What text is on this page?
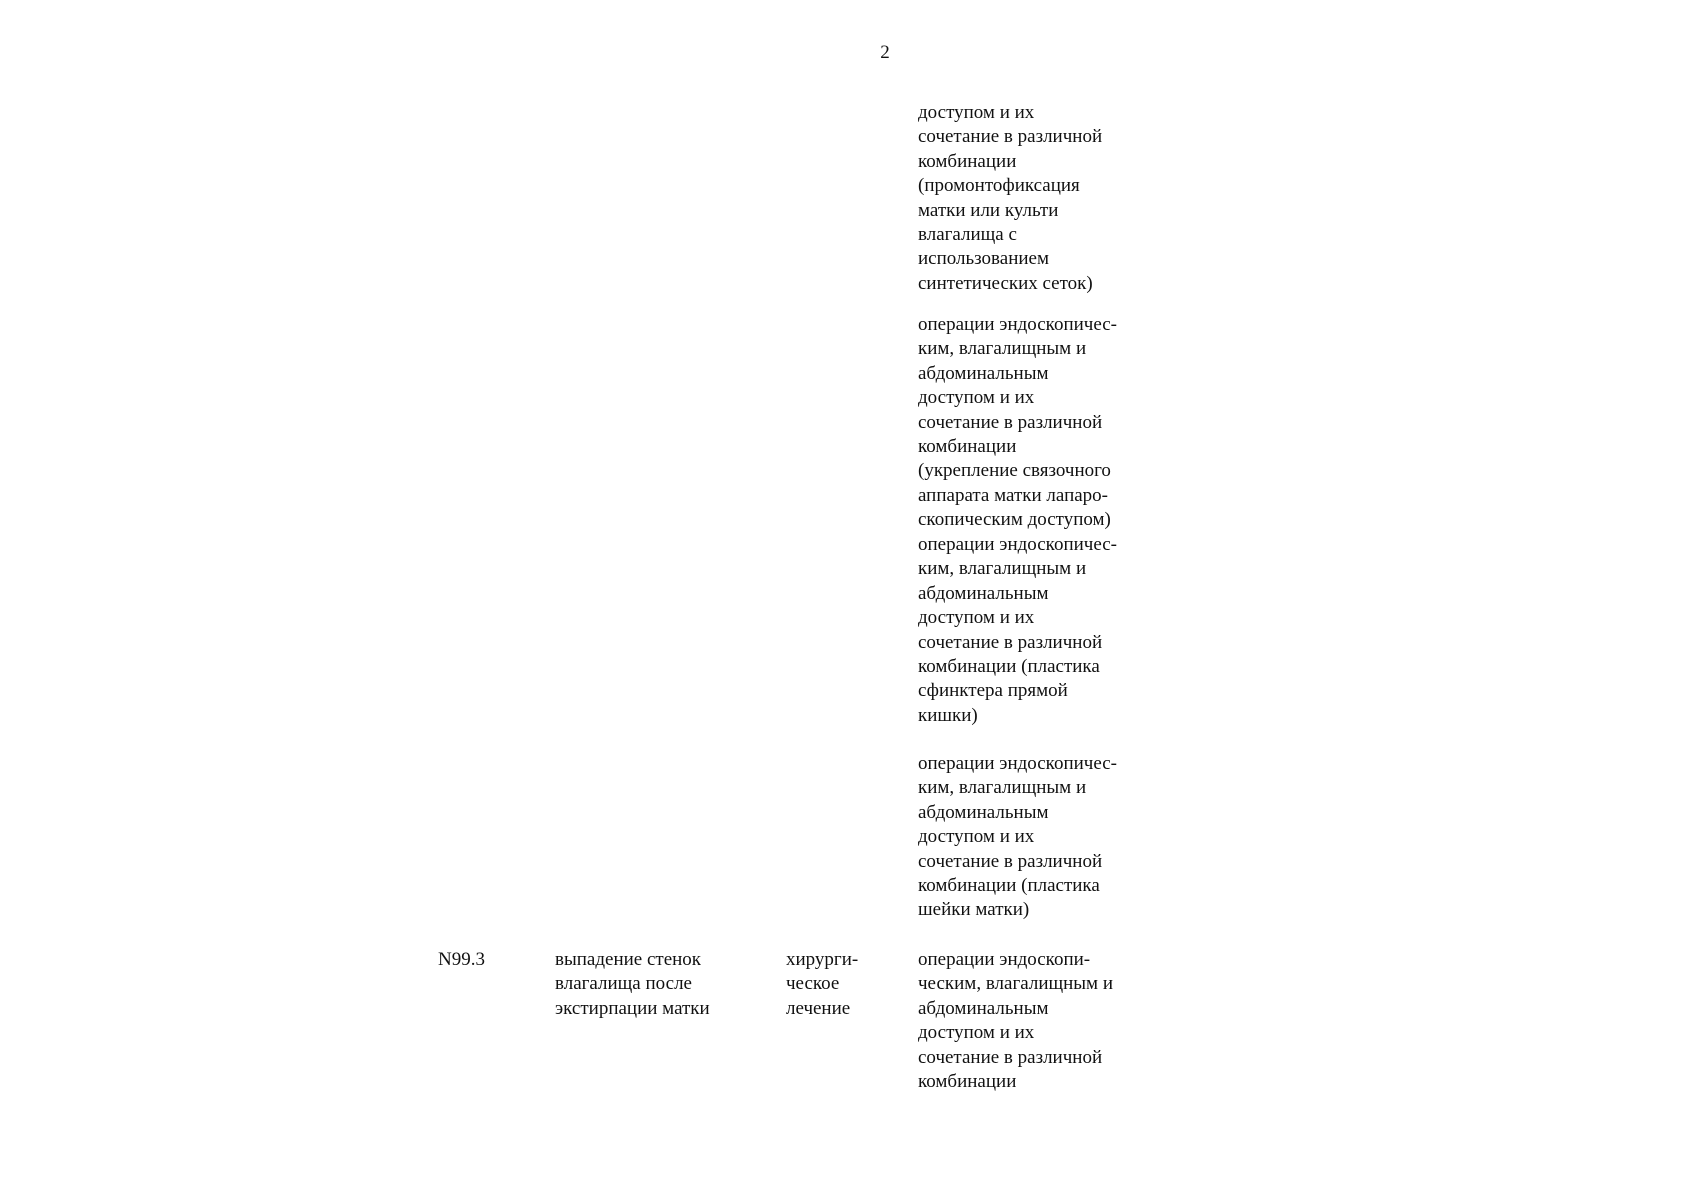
2
доступом и их
сочетание в различной
комбинации
(промонтофиксация
матки или культи
влагалища с
использованием
синтетических сеток)
операции эндоскопичес-
ким, влагалищным и
абдоминальным
доступом и их
сочетание в различной
комбинации
(укрепление связочного
аппарата матки лапаро-
скопическим доступом)
операции эндоскопичес-
ким, влагалищным и
абдоминальным
доступом и их
сочетание в различной
комбинации (пластика
сфинктера прямой
кишки)
операции эндоскопичес-
ким, влагалищным и
абдоминальным
доступом и их
сочетание в различной
комбинации (пластика
шейки матки)
N99.3	выпадение стенок
влагалища после
экстирпации матки
хирурги-
ческое
лечение
операции эндоскопи-
ческим, влагалищным и
абдоминальным
доступом и их
сочетание в различной
комбинации
